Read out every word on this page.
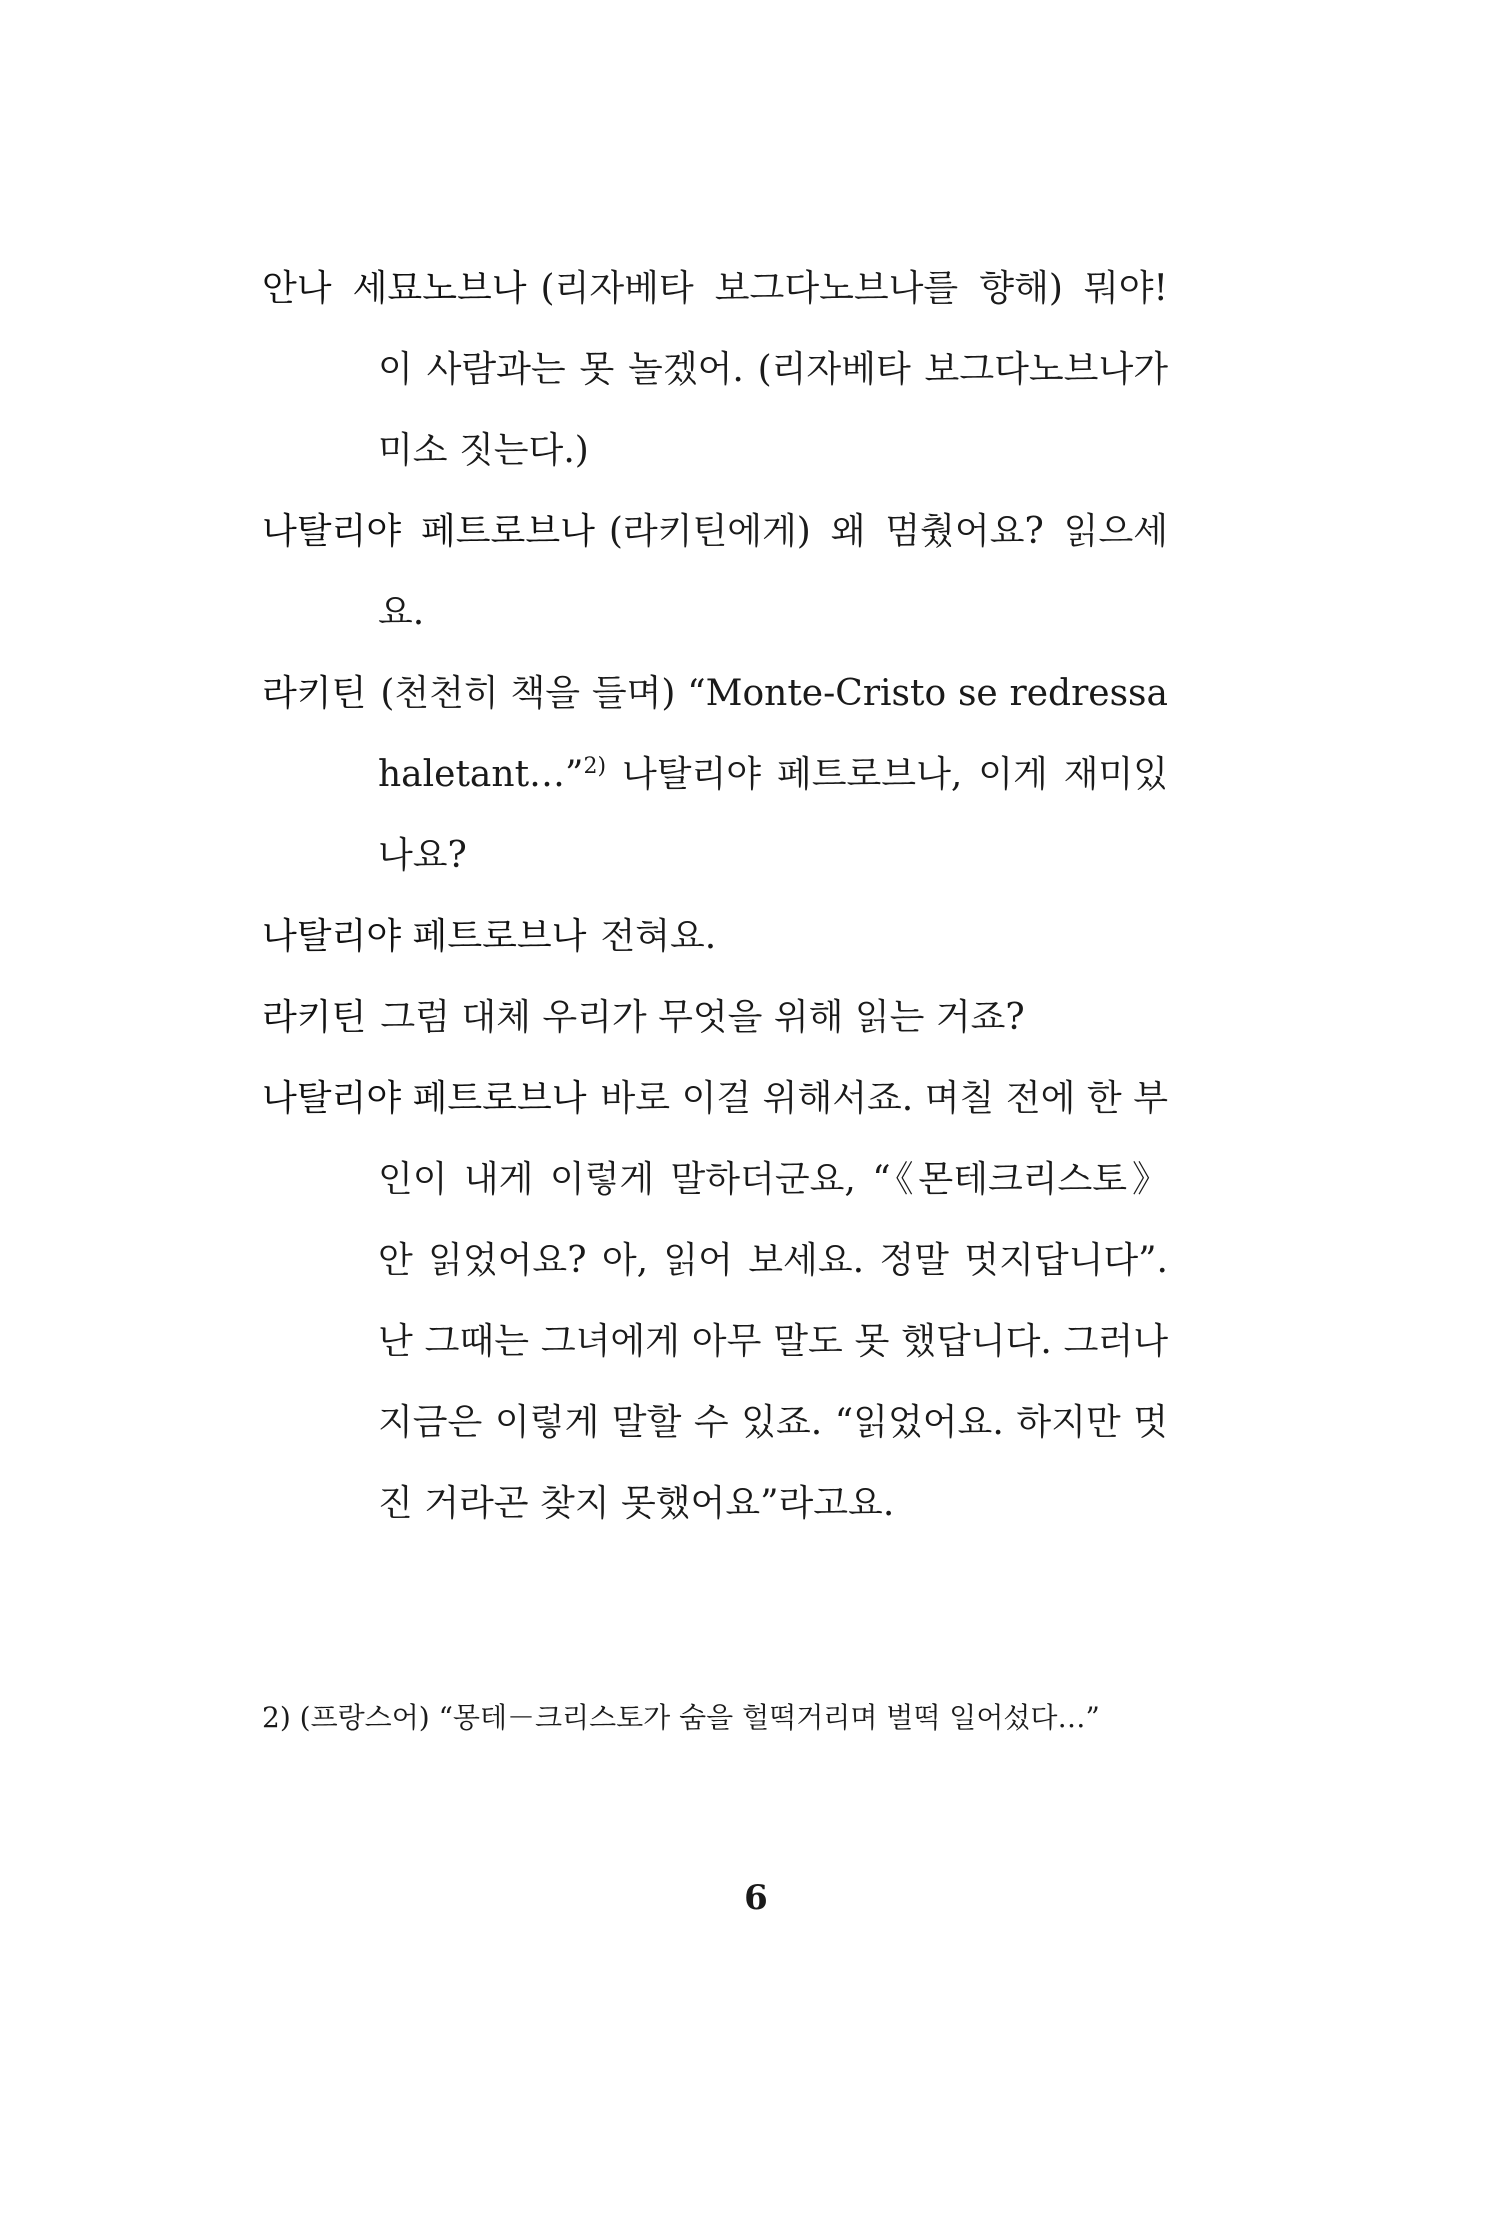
안나 세묘노브나 (리자베타 보그다노브나를 향해) 뭐야! 이 사람과는 못 놀겠어. (리자베타 보그다노브나가 미소 짓는다.)

나탈리야 페트로브나 (라키틴에게) 왜 멈췄어요? 읽으세요.

라키틴 (천천히 책을 들며) “Monte-Cristo se redressa haletant…”$^{2)}$ 나탈리야 페트로브나, 이게 재미있나요?

나탈리야 페트로브나 전혀요.

라키틴 그럼 대체 우리가 무엇을 위해 읽는 거죠?

나탈리야 페트로브나 바로 이걸 위해서죠. 며칠 전에 한 부인이 내게 이렇게 말하더군요, “《몬테크리스토》 안 읽었어요? 아, 읽어 보세요. 정말 멋지답니다”. 난 그때는 그녀에게 아무 말도 못 했답니다. 그러나 지금은 이렇게 말할 수 있죠. “읽었어요. 하지만 멋진 거라곤 찾지 못했어요”라고요.

2) (프랑스어) “몽테－크리스토가 숨을 헐떡거리며 벌떡 일어섰다…”

6
